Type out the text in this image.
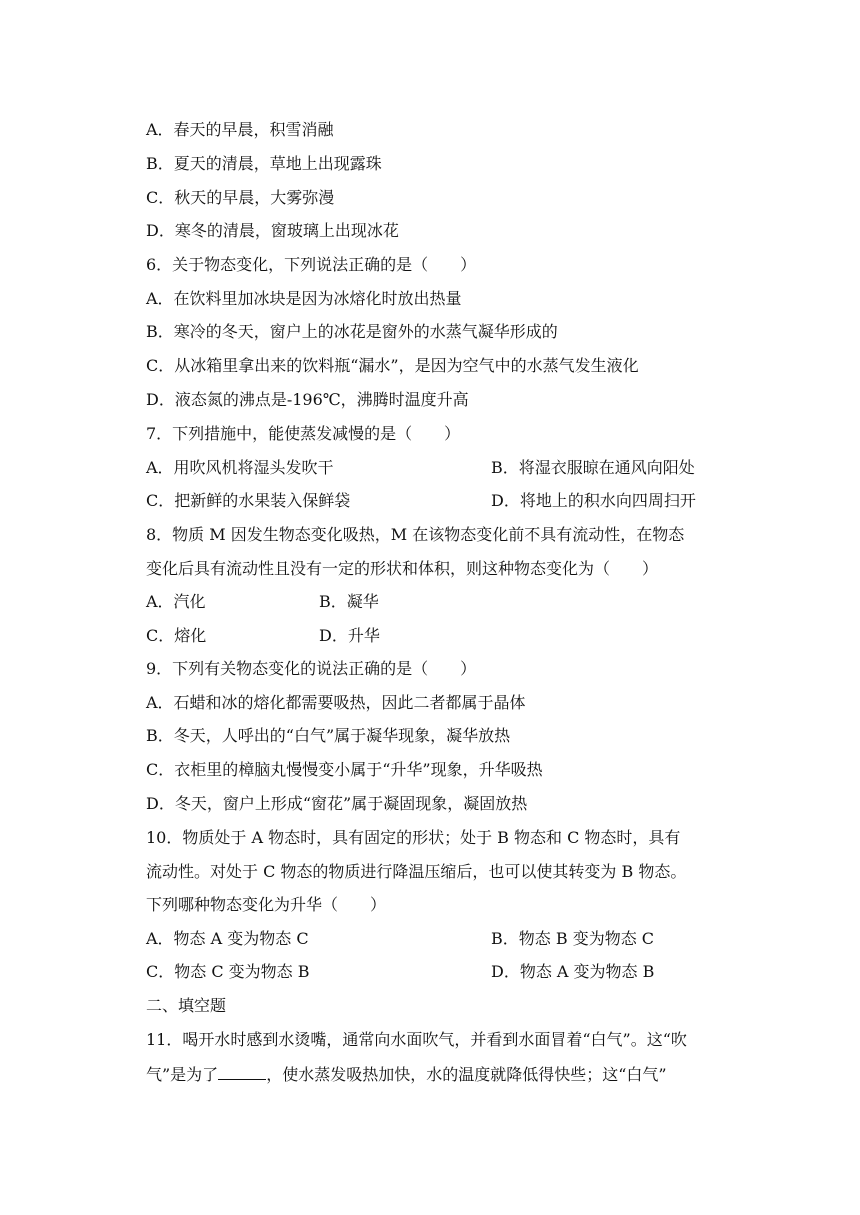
A．春天的早晨，积雪消融
B．夏天的清晨，草地上出现露珠
C．秋天的早晨，大雾弥漫
D．寒冬的清晨，窗玻璃上出现冰花
6．关于物态变化，下列说法正确的是（　　）
A．在饮料里加冰块是因为冰熔化时放出热量
B．寒冷的冬天，窗户上的冰花是窗外的水蒸气凝华形成的
C．从冰箱里拿出来的饮料瓶“漏水”，是因为空气中的水蒸气发生液化
D．液态氮的沸点是-196℃，沸腾时温度升高
7．下列措施中，能使蒸发减慢的是（　　）
A．用吹风机将湿头发吹干	B．将湿衣服晾在通风向阳处
C．把新鲜的水果装入保鲜袋	D．将地上的积水向四周扫开
8．物质 M 因发生物态变化吸热，M 在该物态变化前不具有流动性，在物态
变化后具有流动性且没有一定的形状和体积，则这种物态变化为（　　）
A．汽化	B．凝华
C．熔化	D．升华
9．下列有关物态变化的说法正确的是（　　）
A．石蜡和冰的熔化都需要吸热，因此二者都属于晶体
B．冬天，人呼出的“白气”属于凝华现象，凝华放热
C．衣柜里的樟脑丸慢慢变小属于“升华”现象，升华吸热
D．冬天，窗户上形成“窗花”属于凝固现象，凝固放热
10．物质处于 A 物态时，具有固定的形状；处于 B 物态和 C 物态时，具有
流动性。对处于 C 物态的物质进行降温压缩后，也可以使其转变为 B 物态。
下列哪种物态变化为升华（　　）
A．物态 A 变为物态 C	B．物态 B 变为物态 C
C．物态 C 变为物态 B	D．物态 A 变为物态 B
二、填空题
11．喝开水时感到水烫嘴，通常向水面吹气，并看到水面冒着“白气”。这“吹
气”是为了	，使水蒸发吸热加快，水的温度就降低得快些；这“白气”
